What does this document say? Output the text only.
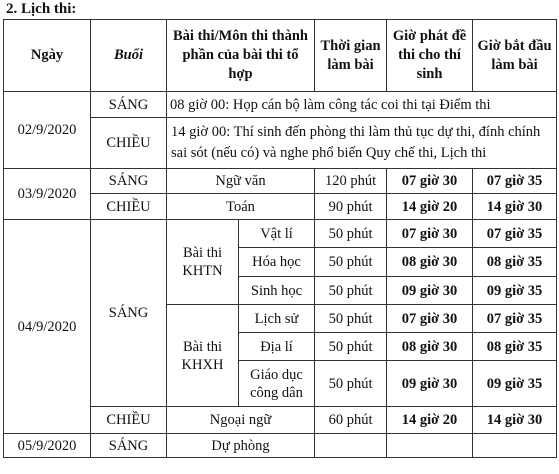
2. Lịch thi:
Ngày	Buổi	Bài thi/Môn thi thành phần của bài thi tổ hợp		Thời gian làm bài	Giờ phát đề thi cho thí sinh	Giờ bắt đầu làm bài
02/9/2020	SÁNG	08 giờ 00: Họp cán bộ làm công tác coi thi tại Điểm thi				
	CHIỀU	14 giờ 00: Thí sinh đến phòng thi làm thủ tục dự thi, đính chính sai sót (nếu có) và nghe phổ biến Quy chế thi, Lịch thi				
03/9/2020	SÁNG	Ngữ văn		120 phút	07 giờ 30	07 giờ 35
	CHIỀU	Toán		90 phút	14 giờ 20	14 giờ 30
04/9/2020	SÁNG	Bài thi KHTN	Vật lí	50 phút	07 giờ 30	07 giờ 35
			Hóa học	50 phút	08 giờ 30	08 giờ 35
			Sinh học	50 phút	09 giờ 30	09 giờ 35
		Bài thi KHXH	Lịch sử	50 phút	07 giờ 30	07 giờ 35
			Địa lí	50 phút	08 giờ 30	08 giờ 35
			Giáo dục công dân	50 phút	09 giờ 30	09 giờ 35
	CHIỀU	Ngoại ngữ		60 phút	14 giờ 20	14 giờ 30
05/9/2020	SÁNG	Dự phòng				
